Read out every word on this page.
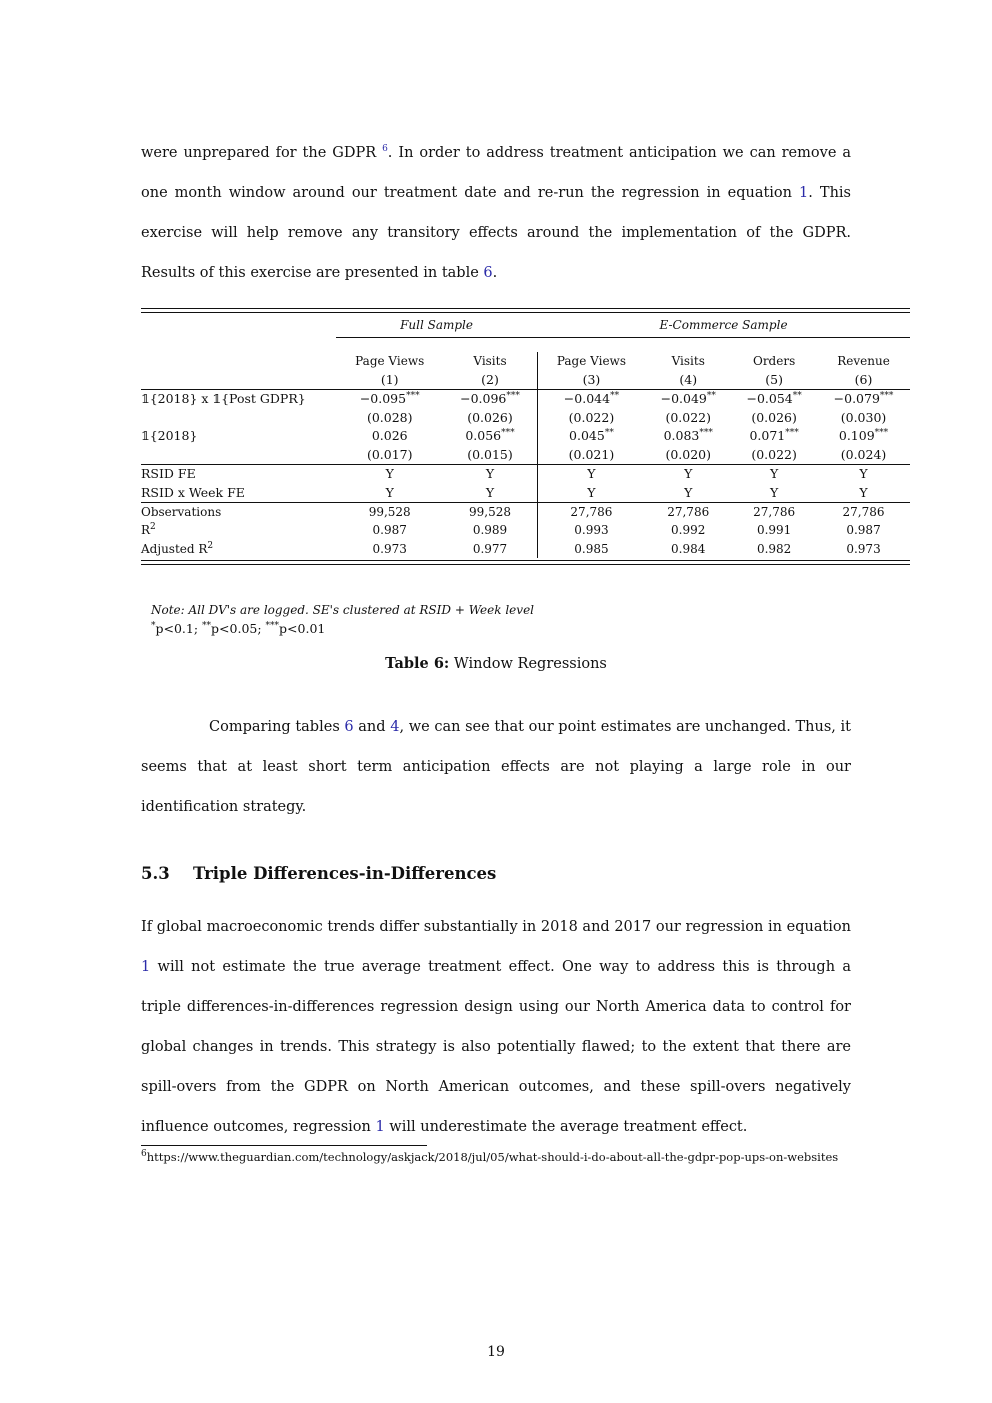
were unprepared for the GDPR $^6$. In order to address treatment anticipation we can remove a one month window around our treatment date and re-run the regression in equation 1. This exercise will help remove any transitory effects around the implementation of the GDPR. Results of this exercise are presented in table 6.

	Full Sample		E-Commerce Sample			

	Page Views	Visits	Page Views	Visits	Orders	Revenue
	(1)	(2)	(3)	(4)	(5)	(6)

𝟙{2018} x 𝟙{Post GDPR}	−0.095***	−0.096***	−0.044**	−0.049**	−0.054**	−0.079***
	(0.028)	(0.026)	(0.022)	(0.022)	(0.026)	(0.030)
𝟙{2018}	0.026	0.056***	0.045**	0.083***	0.071***	0.109***
	(0.017)	(0.015)	(0.021)	(0.020)	(0.022)	(0.024)

RSID FE	Y	Y	Y	Y	Y	Y
RSID x Week FE	Y	Y	Y	Y	Y	Y

Observations	99,528	99,528	27,786	27,786	27,786	27,786
$R^2$	0.987	0.989	0.993	0.992	0.991	0.987
Adjusted $R^2$	0.973	0.977	0.985	0.984	0.982	0.973
Note: All DV's are logged. SE's clustered at RSID + Week level
*p<0.1; **p<0.05; ***p<0.01
Table 6: Window Regressions

Comparing tables 6 and 4, we can see that our point estimates are unchanged. Thus, it seems that at least short term anticipation effects are not playing a large role in our identification strategy.

5.3 Triple Differences-in-Differences

If global macroeconomic trends differ substantially in 2018 and 2017 our regression in equation 1 will not estimate the true average treatment effect. One way to address this is through a triple differences-in-differences regression design using our North America data to control for global changes in trends. This strategy is also potentially flawed; to the extent that there are spill-overs from the GDPR on North American outcomes, and these spill-overs negatively influence outcomes, regression 1 will underestimate the average treatment effect.

$^6$https://www.theguardian.com/technology/askjack/2018/jul/05/what-should-i-do-about-all-the-gdpr-pop-ups-on-websites
19
